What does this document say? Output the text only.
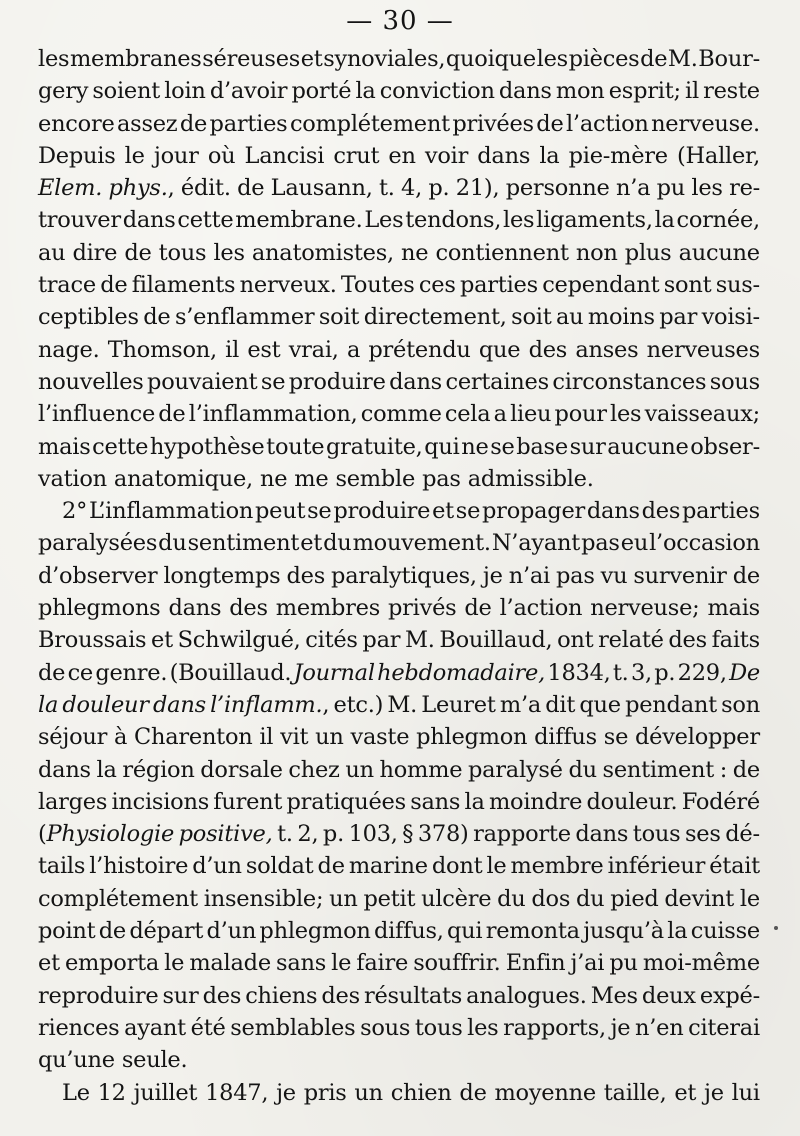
— 30 —
les membranes séreuses et synoviales, quoique les pièces de M. Bour-
gery soient loin d’avoir porté la conviction dans mon esprit; il reste
encore assez de parties complétement privées de l’action nerveuse.
Depuis le jour où Lancisi crut en voir dans la pie-mère (Haller,
Elem. phys., édit. de Lausann, t. 4, p. 21), personne n’a pu les re-
trouver dans cette membrane. Les tendons, les ligaments, la cornée,
au dire de tous les anatomistes, ne contiennent non plus aucune
trace de filaments nerveux. Toutes ces parties cependant sont sus-
ceptibles de s’enflammer soit directement, soit au moins par voisi-
nage. Thomson, il est vrai, a prétendu que des anses nerveuses
nouvelles pouvaient se produire dans certaines circonstances sous
l’influence de l’inflammation, comme cela a lieu pour les vaisseaux;
mais cette hypothèse toute gratuite, qui ne se base sur aucune obser-
vation anatomique, ne me semble pas admissible.
2° L’inflammation peut se produire et se propager dans des parties
paralysées du sentiment et du mouvement. N’ayant pas eu l’occasion
d’observer longtemps des paralytiques, je n’ai pas vu survenir de
phlegmons dans des membres privés de l’action nerveuse; mais
Broussais et Schwilgué, cités par M. Bouillaud, ont relaté des faits
de ce genre. (Bouillaud. Journal hebdomadaire, 1834, t. 3, p. 229, De
la douleur dans l’inflamm., etc.) M. Leuret m’a dit que pendant son
séjour à Charenton il vit un vaste phlegmon diffus se développer
dans la région dorsale chez un homme paralysé du sentiment : de
larges incisions furent pratiquées sans la moindre douleur. Fodéré
(Physiologie positive, t. 2, p. 103, § 378) rapporte dans tous ses dé-
tails l’histoire d’un soldat de marine dont le membre inférieur était
complétement insensible; un petit ulcère du dos du pied devint le
point de départ d’un phlegmon diffus, qui remonta jusqu’à la cuisse
et emporta le malade sans le faire souffrir. Enfin j’ai pu moi-même
reproduire sur des chiens des résultats analogues. Mes deux expé-
riences ayant été semblables sous tous les rapports, je n’en citerai
qu’une seule.
Le 12 juillet 1847, je pris un chien de moyenne taille, et je lui
